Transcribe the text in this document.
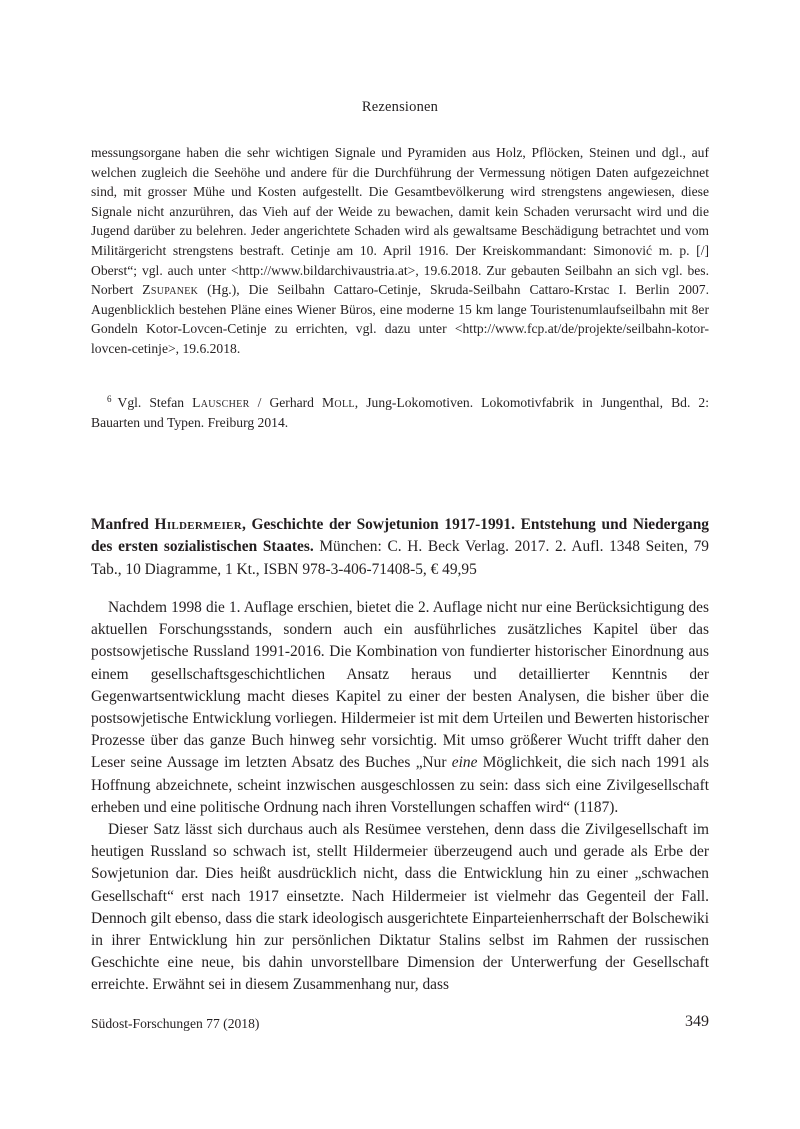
Rezensionen
messungsorgane haben die sehr wichtigen Signale und Pyramiden aus Holz, Pflöcken, Steinen und dgl., auf welchen zugleich die Seehöhe und andere für die Durchführung der Vermessung nötigen Daten aufgezeichnet sind, mit grosser Mühe und Kosten aufgestellt. Die Gesamtbevölkerung wird strengstens angewiesen, diese Signale nicht anzurühren, das Vieh auf der Weide zu bewachen, damit kein Schaden verursacht wird und die Jugend darüber zu belehren. Jeder angerichtete Schaden wird als gewaltsame Beschädigung betrachtet und vom Militärgericht strengstens bestraft. Cetinje am 10. April 1916. Der Kreiskommandant: Simonović m. p. [/] Oberst“; vgl. auch unter <http://www.bildarchivaustria.at>, 19.6.2018. Zur gebauten Seilbahn an sich vgl. bes. Norbert Zsupanek (Hg.), Die Seilbahn Cattaro-Cetinje, Skruda-Seilbahn Cattaro-Krstac I. Berlin 2007. Augenblicklich bestehen Pläne eines Wiener Büros, eine moderne 15 km lange Touristenumlaufseilbahn mit 8er Gondeln Kotor-Lovcen-Cetinje zu errichten, vgl. dazu unter <http://www.fcp.at/de/projekte/seilbahn-kotor-lovcen-cetinje>, 19.6.2018.

$^6$ Vgl. Stefan Lauscher / Gerhard Moll, Jung-Lokomotiven. Lokomotivfabrik in Jungenthal, Bd. 2: Bauarten und Typen. Freiburg 2014.

Manfred Hildermeier, Geschichte der Sowjetunion 1917-1991. Entstehung und Niedergang des ersten sozialistischen Staates. München: C. H. Beck Verlag. 2017. 2. Aufl. 1348 Seiten, 79 Tab., 10 Diagramme, 1 Kt., ISBN 978-3-406-71408-5, € 49,95

Nachdem 1998 die 1. Auflage erschien, bietet die 2. Auflage nicht nur eine Berücksichtigung des aktuellen Forschungsstands, sondern auch ein ausführliches zusätzliches Kapitel über das postsowjetische Russland 1991-2016. Die Kombination von fundierter historischer Einordnung aus einem gesellschaftsgeschichtlichen Ansatz heraus und detaillierter Kenntnis der Gegenwartsentwicklung macht dieses Kapitel zu einer der besten Analysen, die bisher über die postsowjetische Entwicklung vorliegen. Hildermeier ist mit dem Urteilen und Bewerten historischer Prozesse über das ganze Buch hinweg sehr vorsichtig. Mit umso größerer Wucht trifft daher den Leser seine Aussage im letzten Absatz des Buches „Nur eine Möglichkeit, die sich nach 1991 als Hoffnung abzeichnete, scheint inzwischen ausgeschlossen zu sein: dass sich eine Zivilgesellschaft erheben und eine politische Ordnung nach ihren Vorstellungen schaffen wird“ (1187).

Dieser Satz lässt sich durchaus auch als Resümee verstehen, denn dass die Zivilgesellschaft im heutigen Russland so schwach ist, stellt Hildermeier überzeugend auch und gerade als Erbe der Sowjetunion dar. Dies heißt ausdrücklich nicht, dass die Entwicklung hin zu einer „schwachen Gesellschaft“ erst nach 1917 einsetzte. Nach Hildermeier ist vielmehr das Gegenteil der Fall. Dennoch gilt ebenso, dass die stark ideologisch ausgerichtete Einparteienherrschaft der Bolschewiki in ihrer Entwicklung hin zur persönlichen Diktatur Stalins selbst im Rahmen der russischen Geschichte eine neue, bis dahin unvorstellbare Dimension der Unterwerfung der Gesellschaft erreichte. Erwähnt sei in diesem Zusammenhang nur, dass

Südost-Forschungen 77 (2018)	349
